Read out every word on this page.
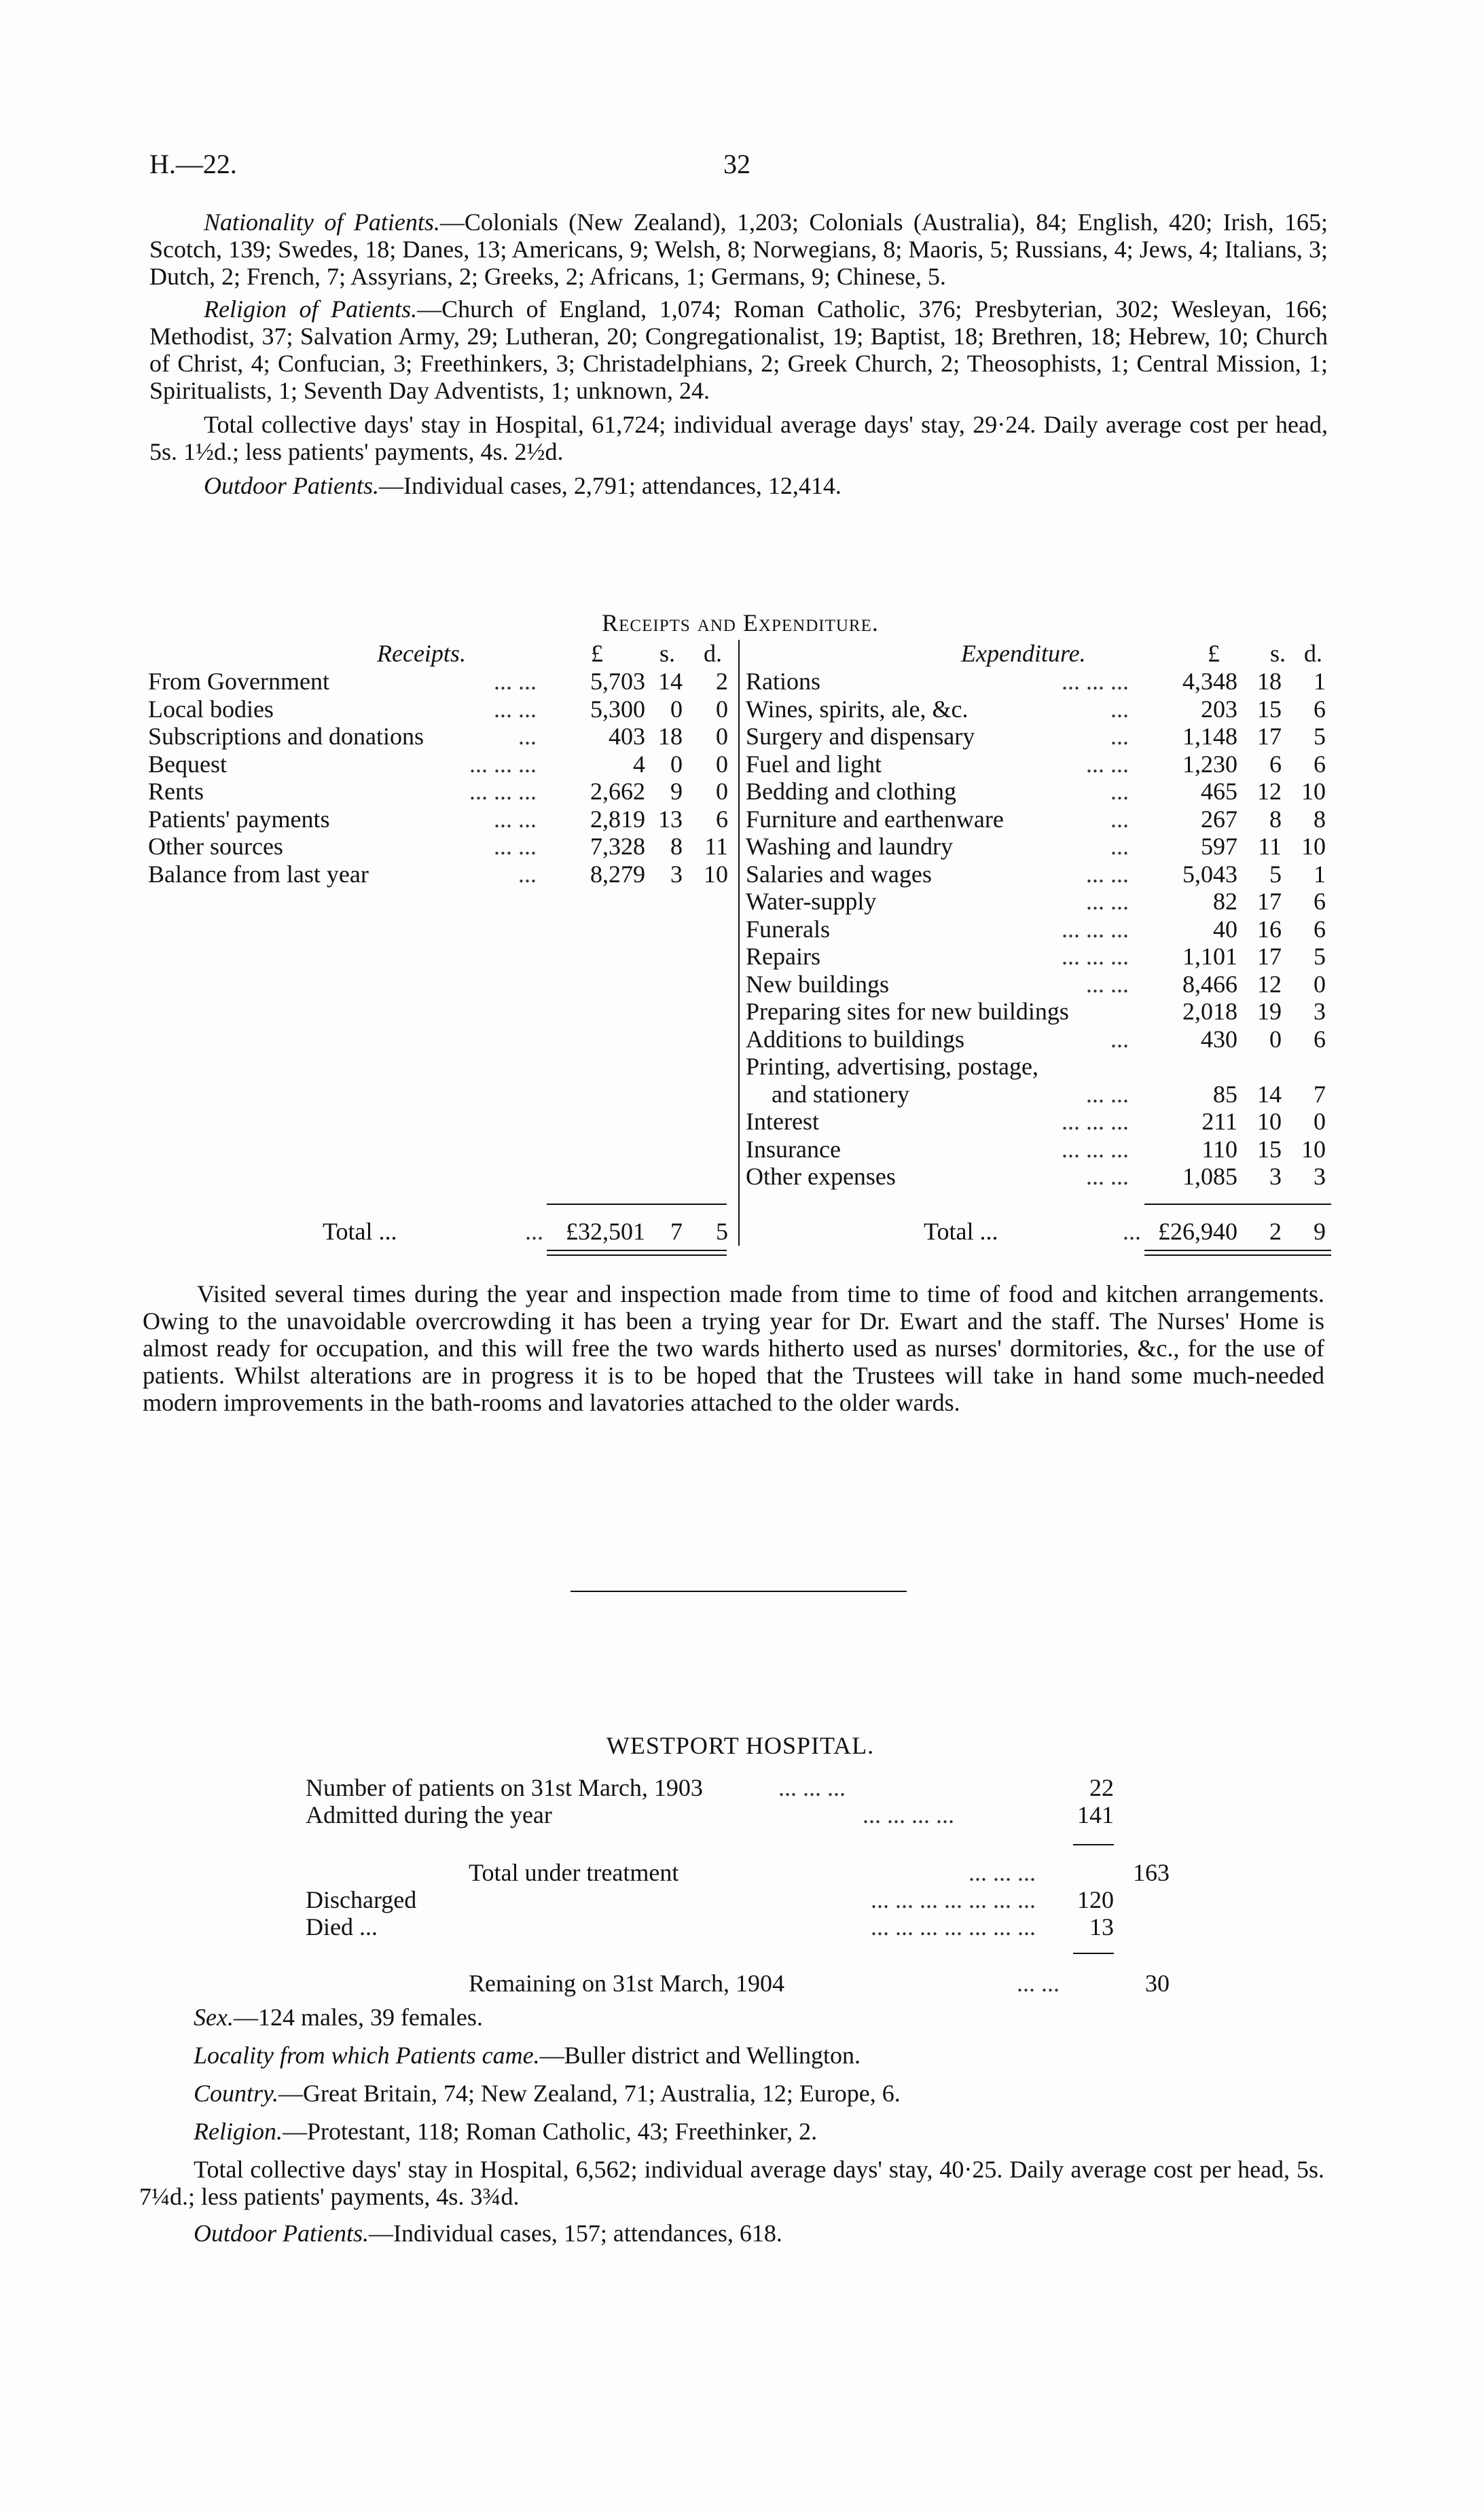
H.—22.	32

Nationality of Patients.—Colonials (New Zealand), 1,203; Colonials (Australia), 84; English, 420; Irish, 165; Scotch, 139; Swedes, 18; Danes, 13; Americans, 9; Welsh, 8; Norwegians, 8; Maoris, 5; Russians, 4; Jews, 4; Italians, 3; Dutch, 2; French, 7; Assyrians, 2; Greeks, 2; Africans, 1; Germans, 9; Chinese, 5.

Religion of Patients.—Church of England, 1,074; Roman Catholic, 376; Presbyterian, 302; Wesleyan, 166; Methodist, 37; Salvation Army, 29; Lutheran, 20; Congregationalist, 19; Baptist, 18; Brethren, 18; Hebrew, 10; Church of Christ, 4; Confucian, 3; Freethinkers, 3; Christadelphians, 2; Greek Church, 2; Theosophists, 1; Central Mission, 1; Spiritualists, 1; Seventh Day Adventists, 1; unknown, 24.

Total collective days' stay in Hospital, 61,724; individual average days' stay, 29·24. Daily average cost per head, 5s. 1½d.; less patients' payments, 4s. 2½d.

Outdoor Patients.—Individual cases, 2,791; attendances, 12,414.

Receipts and Expenditure.
Receipts.	£ s. d.	Expenditure.	£ s. d.
From Government	... ... 5,703 14 2
Local bodies	... ... 5,300 0 0
Subscriptions and donations	...	403 18 0
Bequest	... ... ...	4 0 0
Rents	... ... ... 2,662 9 0
Patients' payments	... ... 2,819 13 6
Other sources	... ... 7,328 8 11
Balance from last year	... 8,279 3 10
Total ...	... £32,501 7 5
Rations	... ... ... 4,348 18 1
Wines, spirits, ale, &c.	...	203 15 6
Surgery and dispensary	... 1,148 17 5
Fuel and light	... ... 1,230 6 6
Bedding and clothing	...	465 12 10
Furniture and earthenware	...	267 8 8
Washing and laundry	...	597 11 10
Salaries and wages	... ... 5,043 5 1
Water-supply	... ...	82 17 6
Funerals	... ... ...	40 16 6
Repairs	... ... ... 1,101 17 5
New buildings	... ... 8,466 12 0
Preparing sites for new buildings	2,018 19 3
Additions to buildings	...	430 0 6
Printing, advertising, postage,
and stationery	... ...	85 14 7
Interest	... ... ...	211 10 0
Insurance	... ... ...	110 15 10
Other expenses	... ... 1,085 3 3
Total ...	... £26,940 2 9

Visited several times during the year and inspection made from time to time of food and kitchen arrangements. Owing to the unavoidable overcrowding it has been a trying year for Dr. Ewart and the staff. The Nurses' Home is almost ready for occupation, and this will free the two wards hitherto used as nurses' dormitories, &c., for the use of patients. Whilst alterations are in progress it is to be hoped that the Trustees will take in hand some much-needed modern improvements in the bath-rooms and lavatories attached to the older wards.

WESTPORT HOSPITAL.
Number of patients on 31st March, 1903	... ... ...	22
Admitted during the year	... ... ... ...	141
Total under treatment	... ... ...	163
Discharged	... ... ... ... ... ... ... 120
Died ...	... ... ... ... ... ... ... 13
Remaining on 31st March, 1904	... ...	30

Sex.—124 males, 39 females.

Locality from which Patients came.—Buller district and Wellington.

Country.—Great Britain, 74; New Zealand, 71; Australia, 12; Europe, 6.

Religion.—Protestant, 118; Roman Catholic, 43; Freethinker, 2.

Total collective days' stay in Hospital, 6,562; individual average days' stay, 40·25. Daily average cost per head, 5s. 7¼d.; less patients' payments, 4s. 3¾d.

Outdoor Patients.—Individual cases, 157; attendances, 618.
